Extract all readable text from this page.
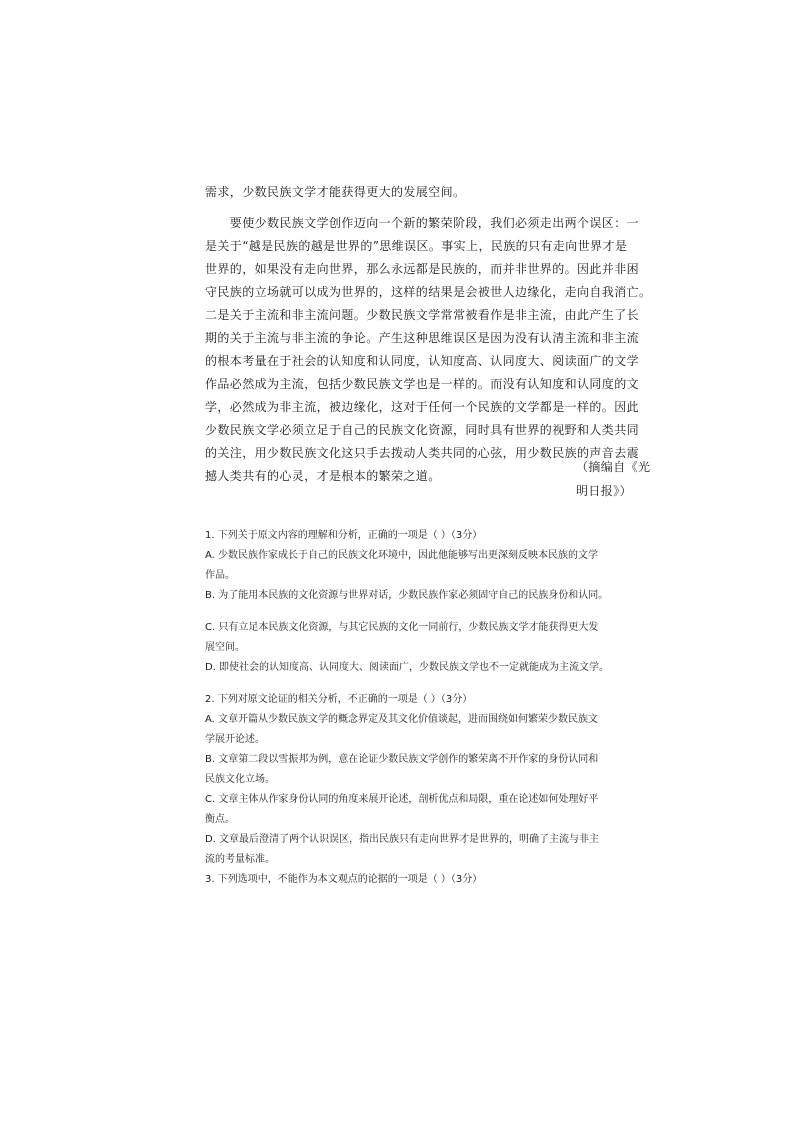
需求，少数民族文学才能获得更大的发展空间。
　　要使少数民族文学创作迈向一个新的繁荣阶段，我们必须走出两个误区：一
是关于“越是民族的越是世界的”思维误区。事实上，民族的只有走向世界才是
世界的，如果没有走向世界，那么永远都是民族的，而并非世界的。因此并非困
守民族的立场就可以成为世界的，这样的结果是会被世人边缘化，走向自我消亡。
二是关于主流和非主流问题。少数民族文学常常被看作是非主流，由此产生了长
期的关于主流与非主流的争论。产生这种思维误区是因为没有认清主流和非主流
的根本考量在于社会的认知度和认同度，认知度高、认同度大、阅读面广的文学
作品必然成为主流，包括少数民族文学也是一样的。而没有认知度和认同度的文
学，必然成为非主流，被边缘化，这对于任何一个民族的文学都是一样的。因此
少数民族文学必须立足于自己的民族文化资源，同时具有世界的视野和人类共同
的关注，用少数民族文化这只手去拨动人类共同的心弦，用少数民族的声音去震
撼人类共有的心灵，才是根本的繁荣之道。
（摘编自《光
明日报》）
1. 下列关于原文内容的理解和分析，正确的一项是（ ）（3分）
A. 少数民族作家成长于自己的民族文化环境中，因此他能够写出更深刻反映本民族的文学
作品。
B. 为了能用本民族的文化资源与世界对话，少数民族作家必须固守自己的民族身份和认同。
C. 只有立足本民族文化资源，与其它民族的文化一同前行，少数民族文学才能获得更大发
展空间。
D. 即使社会的认知度高、认同度大、阅读面广，少数民族文学也不一定就能成为主流文学。
2. 下列对原文论证的相关分析，不正确的一项是（ ）（3分）
A. 文章开篇从少数民族文学的概念界定及其文化价值谈起，进而围绕如何繁荣少数民族文
学展开论述。
B. 文章第二段以雪振邦为例，意在论证少数民族文学创作的繁荣离不开作家的身份认同和
民族文化立场。
C. 文章主体从作家身份认同的角度来展开论述，剖析优点和局限，重在论述如何处理好平
衡点。
D. 文章最后澄清了两个认识误区，指出民族只有走向世界才是世界的，明确了主流与非主
流的考量标准。
3. 下列选项中，不能作为本文观点的论据的一项是（ ）（3分）
